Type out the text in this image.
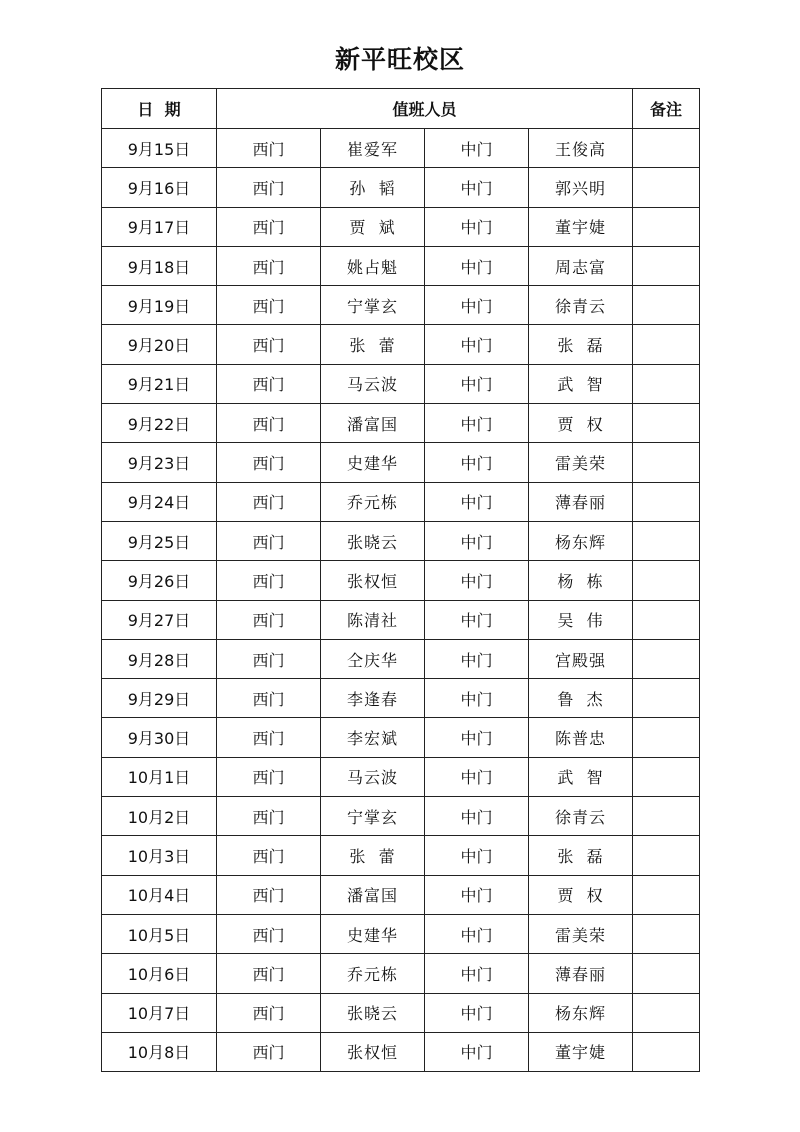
新平旺校区
日  期	值班人员				备注
9月15日	西门	崔爱军	中门	王俊高	
9月16日	西门	孙  韬	中门	郭兴明	
9月17日	西门	贾  斌	中门	董宇婕	
9月18日	西门	姚占魁	中门	周志富	
9月19日	西门	宁掌玄	中门	徐青云	
9月20日	西门	张  蕾	中门	张  磊	
9月21日	西门	马云波	中门	武  智	
9月22日	西门	潘富国	中门	贾  权	
9月23日	西门	史建华	中门	雷美荣	
9月24日	西门	乔元栋	中门	薄春丽	
9月25日	西门	张晓云	中门	杨东辉	
9月26日	西门	张权恒	中门	杨  栋	
9月27日	西门	陈清社	中门	吴  伟	
9月28日	西门	仝庆华	中门	宫殿强	
9月29日	西门	李逢春	中门	鲁  杰	
9月30日	西门	李宏斌	中门	陈普忠	
10月1日	西门	马云波	中门	武  智	
10月2日	西门	宁掌玄	中门	徐青云	
10月3日	西门	张  蕾	中门	张  磊	
10月4日	西门	潘富国	中门	贾  权	
10月5日	西门	史建华	中门	雷美荣	
10月6日	西门	乔元栋	中门	薄春丽	
10月7日	西门	张晓云	中门	杨东辉	
10月8日	西门	张权恒	中门	董宇婕	
